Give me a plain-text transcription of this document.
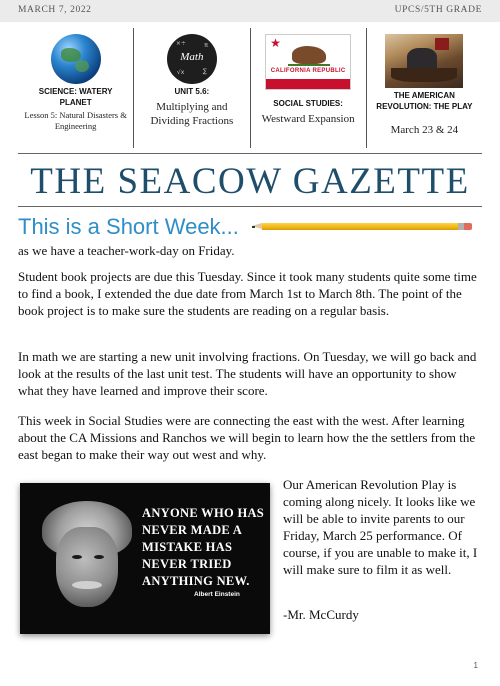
MARCH 7, 2022	UPCS/5TH GRADE
SCIENCE: WATERY PLANET
Lesson 5: Natural Disasters & Engineering
×÷	π
Math
√x	∑
UNIT 5.6:
Multiplying and Dividing Fractions
★
CALIFORNIA REPUBLIC
SOCIAL STUDIES:
Westward Expansion
THE AMERICAN REVOLUTION: THE PLAY
March 23 & 24
THE SEACOW GAZETTE
This is a Short Week...

as we have a teacher-work-day on Friday.

Student book projects are due this Tuesday. Since it took many students quite some time to find a book, I extended the due date from March 1st to March 8th. The point of the book project is to make sure the students are reading on a regular basis.

In math we are starting a new unit involving fractions. On Tuesday, we will go back and look at the results of the last unit test. The students will have an opportunity to show what they have learned and improve their score.

This week in Social Studies were are connecting the east with the west. After learning about the CA Missions and Ranchos we will begin to learn how the the settlers from the east began to make their way out west and why.

ANYONE WHO HAS NEVER MADE A MISTAKE HAS NEVER TRIED ANYTHING NEW.
Albert Einstein

Our American Revolution Play is coming along nicely. It looks like we will be able to invite parents to our Friday, March 25 performance. Of course, if you are unable to make it, I will make sure to film it as well.

-Mr. McCurdy

1
